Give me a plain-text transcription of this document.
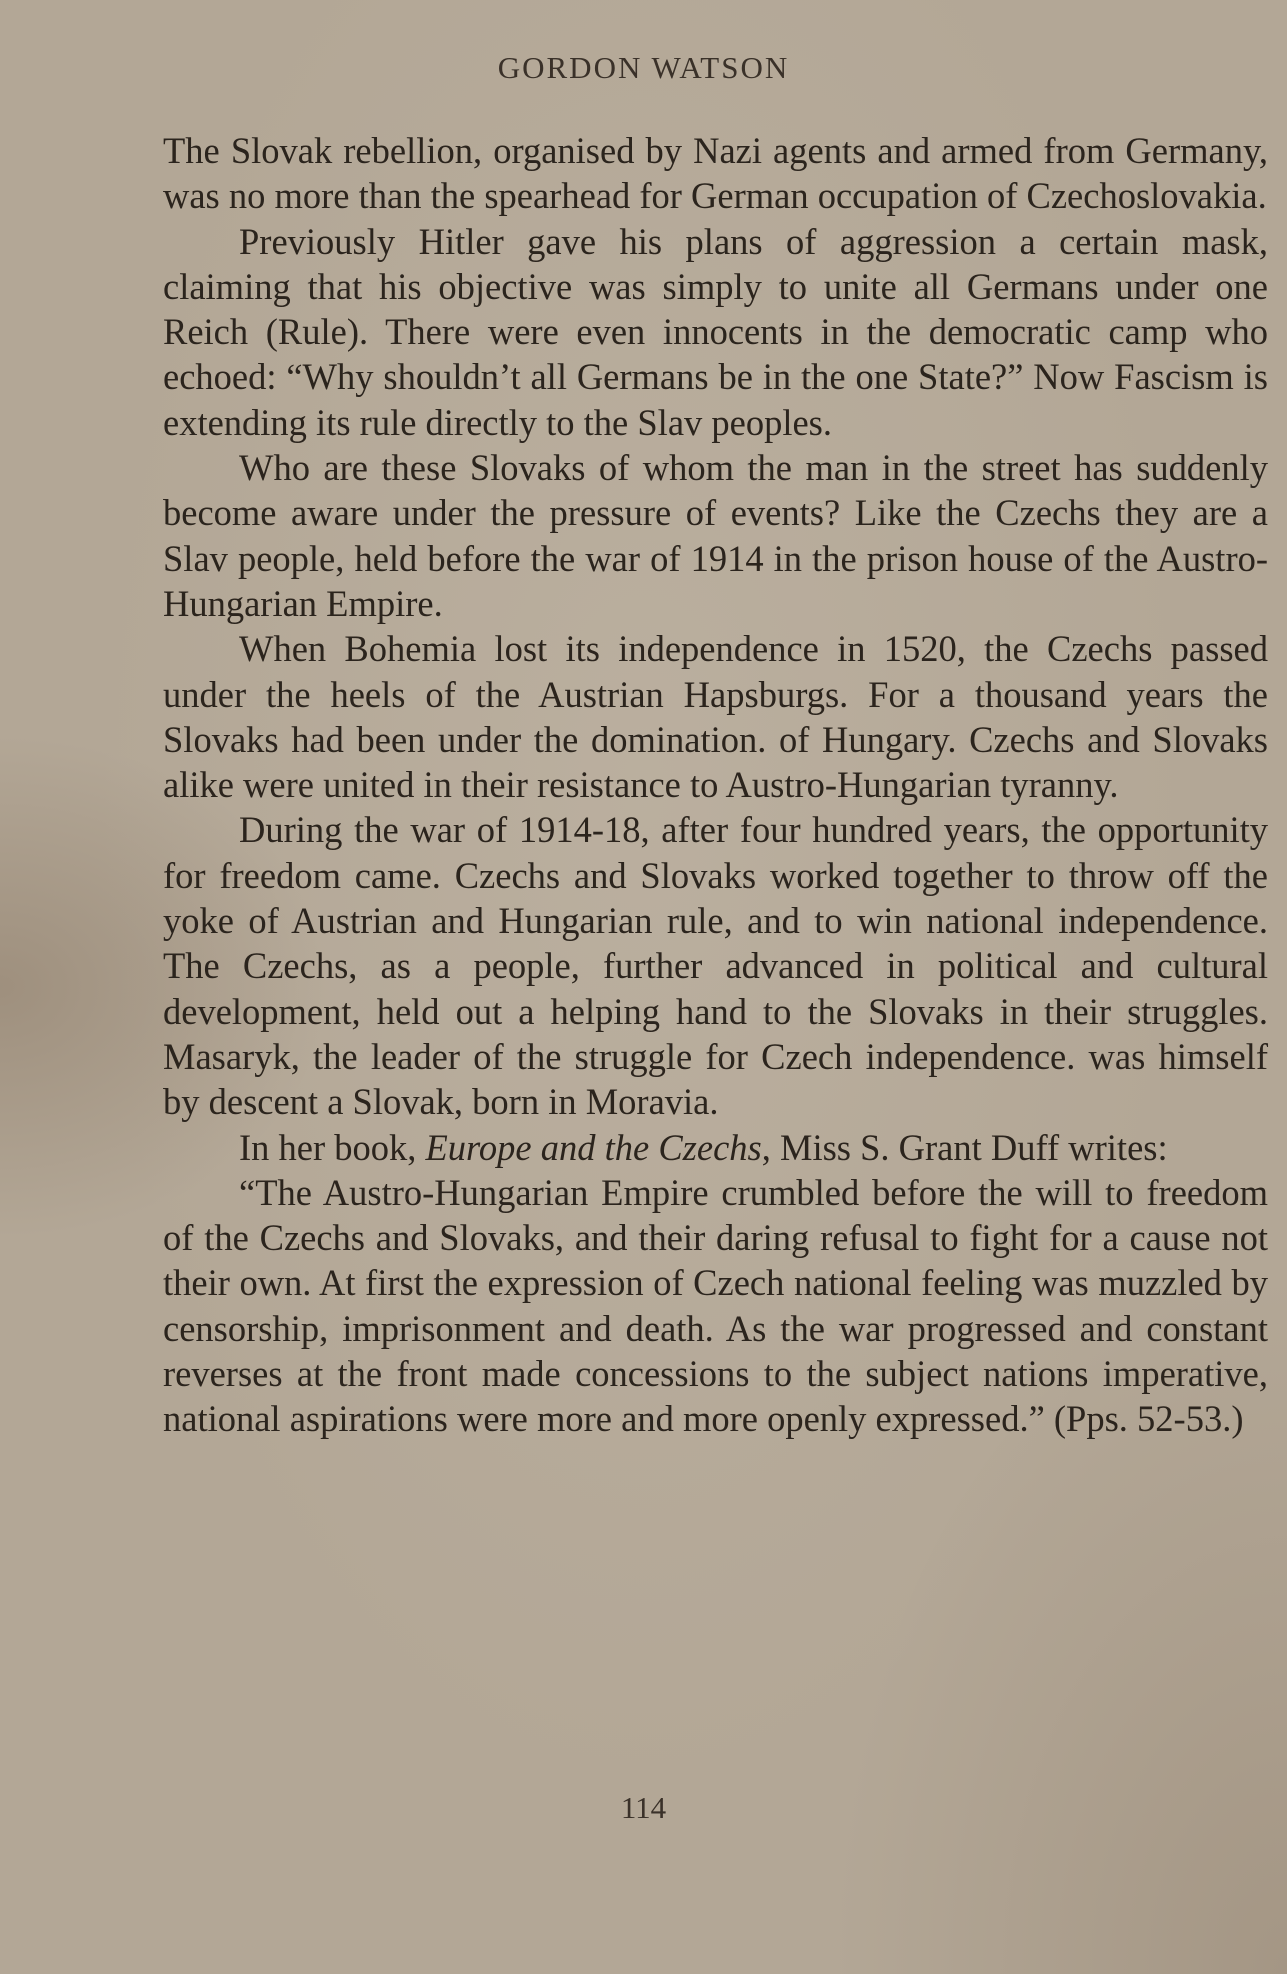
GORDON WATSON

The Slovak rebellion, organised by Nazi agents and armed from Germany, was no more than the spearhead for German occupation of Czechoslovakia.

Previously Hitler gave his plans of aggression a certain mask, claiming that his objective was simply to unite all Germans under one Reich (Rule). There were even innocents in the democratic camp who echoed: “Why shouldn’t all Germans be in the one State?” Now Fascism is extending its rule directly to the Slav peoples.

Who are these Slovaks of whom the man in the street has suddenly become aware under the pressure of events? Like the Czechs they are a Slav people, held before the war of 1914 in the prison house of the Austro-Hungarian Empire.

When Bohemia lost its independence in 1520, the Czechs passed under the heels of the Austrian Hapsburgs. For a thousand years the Slovaks had been under the domination. of Hungary. Czechs and Slovaks alike were united in their resistance to Austro-Hungarian tyranny.

During the war of 1914-18, after four hundred years, the opportunity for freedom came. Czechs and Slovaks worked together to throw off the yoke of Austrian and Hungarian rule, and to win national independence. The Czechs, as a people, further advanced in political and cultural development, held out a helping hand to the Slovaks in their struggles. Masaryk, the leader of the struggle for Czech independence. was himself by descent a Slovak, born in Moravia.

In her book, Europe and the Czechs, Miss S. Grant Duff writes:

“The Austro-Hungarian Empire crumbled before the will to freedom of the Czechs and Slovaks, and their daring refusal to fight for a cause not their own. At first the expression of Czech national feeling was muzzled by censorship, imprisonment and death. As the war progressed and constant reverses at the front made concessions to the subject nations imperative, national aspirations were more and more openly expressed.” (Pps. 52-53.)

114
